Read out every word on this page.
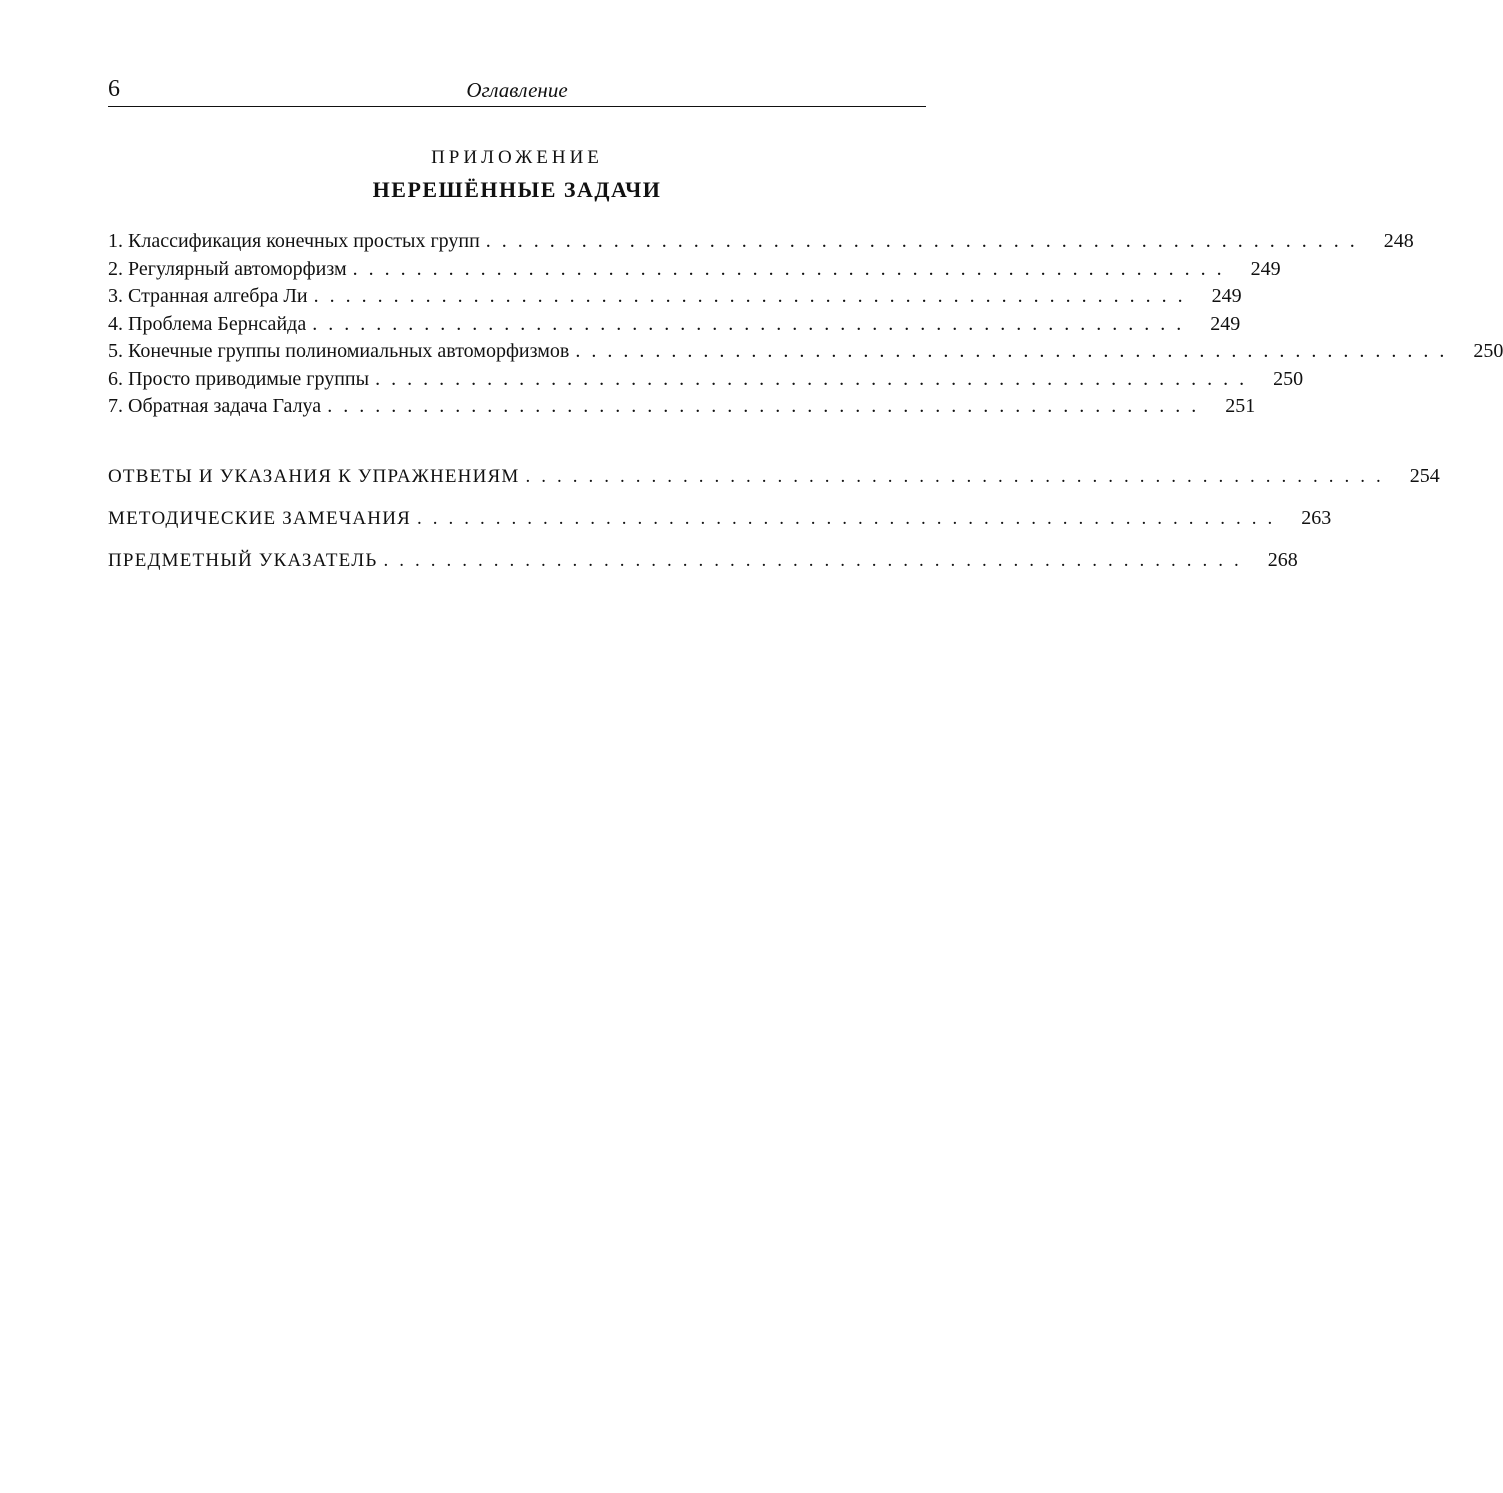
6	Оглавление
ПРИЛОЖЕНИЕ
НЕРЕШЁННЫЕ ЗАДАЧИ
1. Классификация конечных простых групп ....................................................... 248
2. Регулярный автоморфизм ....................................................... 249
3. Странная алгебра Ли ....................................................... 249
4. Проблема Бернсайда ....................................................... 249
5. Конечные группы полиномиальных автоморфизмов ....................................................... 250
6. Просто приводимые группы ....................................................... 250
7. Обратная задача Галуа ....................................................... 251
ОТВЕТЫ И УКАЗАНИЯ К УПРАЖНЕНИЯМ ....................................................... 254
МЕТОДИЧЕСКИЕ ЗАМЕЧАНИЯ ....................................................... 263
ПРЕДМЕТНЫЙ УКАЗАТЕЛЬ ....................................................... 268
